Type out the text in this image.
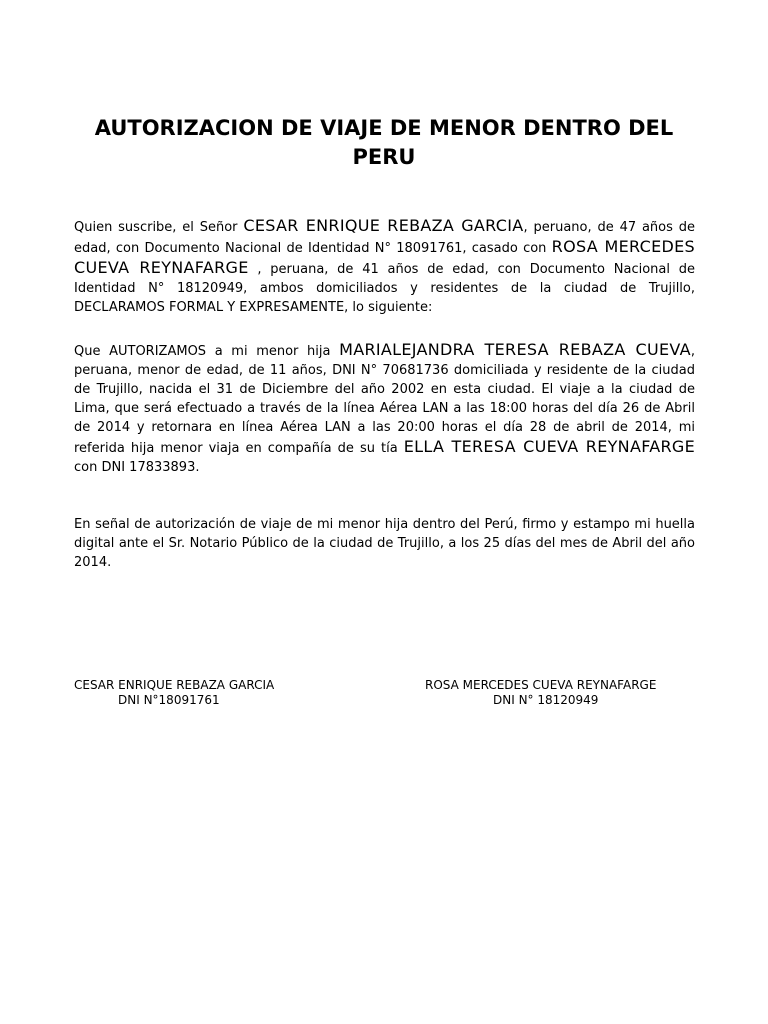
AUTORIZACION DE VIAJE DE MENOR DENTRO DEL PERU

Quien suscribe, el Señor CESAR ENRIQUE REBAZA GARCIA, peruano, de 47 años de edad, con Documento Nacional de Identidad N° 18091761, casado con ROSA MERCEDES CUEVA REYNAFARGE , peruana, de 41 años de edad, con Documento Nacional de Identidad N° 18120949, ambos domiciliados y residentes de la ciudad de Trujillo, DECLARAMOS FORMAL Y EXPRESAMENTE, lo siguiente:

Que AUTORIZAMOS a mi menor hija MARIALEJANDRA TERESA REBAZA CUEVA, peruana, menor de edad, de 11 años, DNI N° 70681736 domiciliada y residente de la ciudad de Trujillo, nacida el 31 de Diciembre del año 2002 en esta ciudad. El viaje a la ciudad de Lima, que será efectuado a través de la línea Aérea LAN a las 18:00 horas del día 26 de Abril de 2014 y retornara en línea Aérea LAN a las 20:00 horas el día 28 de abril de 2014, mi referida hija menor viaja en compañía de su tía ELLA TERESA CUEVA REYNAFARGE con DNI 17833893.

En señal de autorización de viaje de mi menor hija dentro del Perú, firmo y estampo mi huella digital ante el Sr. Notario Público de la ciudad de Trujillo, a los 25 días del mes de Abril del año 2014.

CESAR ENRIQUE REBAZA GARCIA
DNI N°18091761
ROSA MERCEDES CUEVA REYNAFARGE
DNI N° 18120949
